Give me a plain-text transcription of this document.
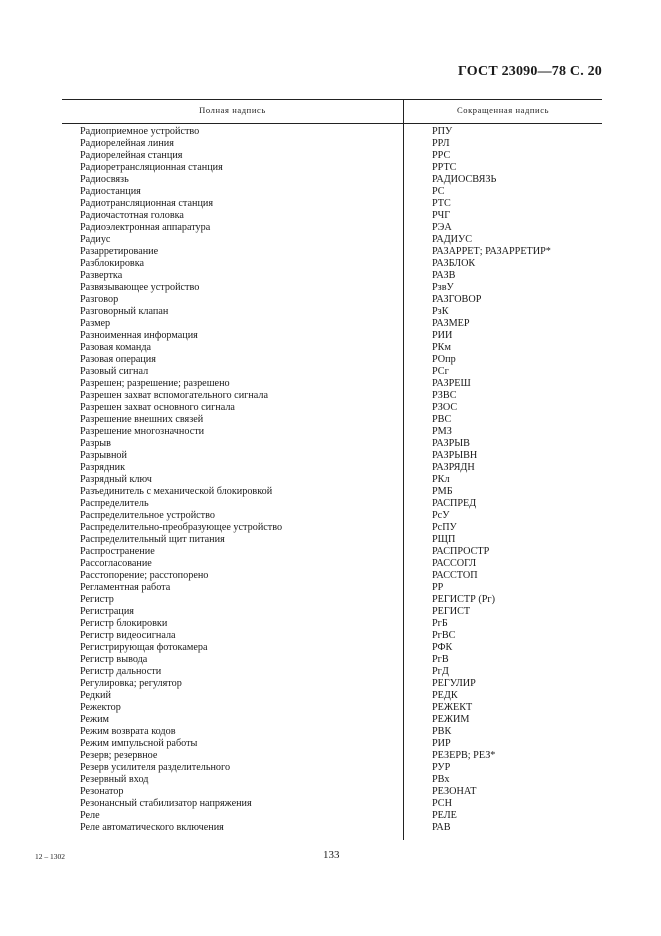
ГОСТ 23090—78 С. 20
Полная надпись	Сокращенная надпись
Радиоприемное устройство	РПУ
Радиорелейная линия	РРЛ
Радиорелейная станция	РРС
Радиоретрансляционная станция	РРТС
Радиосвязь	РАДИОСВЯЗЬ
Радиостанция	РС
Радиотрансляционная станция	РТС
Радиочастотная головка	РЧГ
Радиоэлектронная аппаратура	РЭА
Радиус	РАДИУС
Разарретирование	РАЗАРРЕТ; РАЗАРРЕТИР*
Разблокировка	РАЗБЛОК
Развертка	РАЗВ
Развязывающее устройство	РзвУ
Разговор	РАЗГОВОР
Разговорный клапан	РзК
Размер	РАЗМЕР
Разноименная информация	РИИ
Разовая команда	РКм
Разовая операция	РОпр
Разовый сигнал	РСг
Разрешен; разрешение; разрешено	РАЗРЕШ
Разрешен захват вспомогательного сигнала	РЗВС
Разрешен захват основного сигнала	РЗОС
Разрешение внешних связей	РВС
Разрешение многозначности	РМЗ
Разрыв	РАЗРЫВ
Разрывной	РАЗРЫВН
Разрядник	РАЗРЯДН
Разрядный ключ	РКл
Разъединитель с механической блокировкой	РМБ
Распределитель	РАСПРЕД
Распределительное устройство	РсУ
Распределительно-преобразующее устройство	РсПУ
Распределительный щит питания	РЩП
Распространение	РАСПРОСТР
Рассогласование	РАССОГЛ
Расстопорение; расстопорено	РАССТОП
Регламентная работа	РР
Регистр	РЕГИСТР (Рг)
Регистрация	РЕГИСТ
Регистр блокировки	РгБ
Регистр видеосигнала	РгВС
Регистрирующая фотокамера	РФК
Регистр вывода	РгВ
Регистр дальности	РгД
Регулировка; регулятор	РЕГУЛИР
Редкий	РЕДК
Режектор	РЕЖЕКТ
Режим	РЕЖИМ
Режим возврата кодов	РВК
Режим импульсной работы	РИР
Резерв; резервное	РЕЗЕРВ; РЕЗ*
Резерв усилителя разделительного	РУР
Резервный вход	РВх
Резонатор	РЕЗОНАТ
Резонансный стабилизатор напряжения	РСН
Реле	РЕЛЕ
Реле автоматического включения	РАВ
12 – 1302	133
